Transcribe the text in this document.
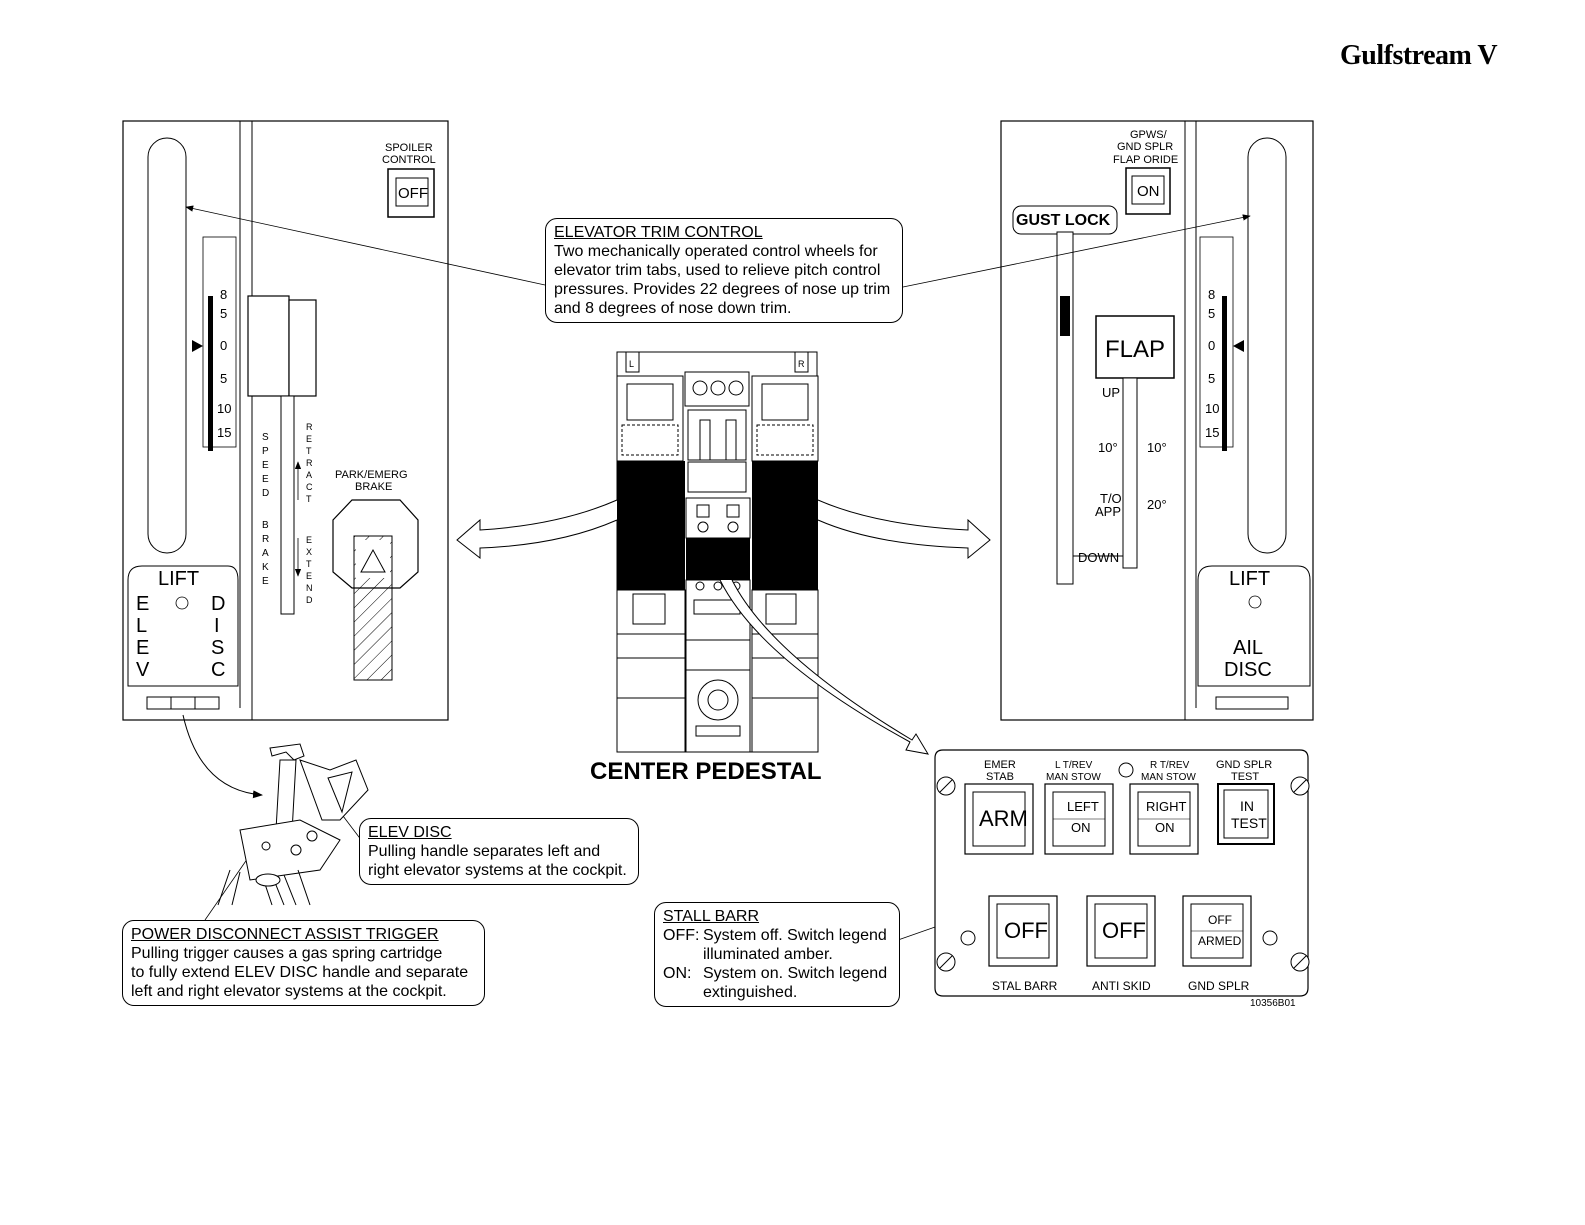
Gulfstream V
8
5
0
5
10
15
SPOILER
CONTROL
OFF
S
P
E
E
D
B
R
A
K
E
R
E
T
R
A
C
T
E
X
T
E
N
D
PARK/EMERG
BRAKE
LIFT
E
L
E
V
D
I
S
C
GPWS/
GND SPLR
FLAP ORIDE
ON
GUST LOCK
FLAP
UP
10° 10°
T/O
APP 20°
DOWN
8
5
0
5
10
15
LIFT
AIL
DISC
L	R
EMER
STAB
L T/REV
MAN STOW
R T/REV
MAN STOW
GND SPLR
TEST
ARM	LEFT
ON
RIGHT
ON
IN
TEST
OFF OFF	OFF
ARMED
STAL BARR	ANTI SKID	GND SPLR
ELEVATOR TRIM CONTROL
Two mechanically operated control wheels for
elevator trim tabs, used to relieve pitch control
pressures. Provides 22 degrees of nose up trim
and 8 degrees of nose down trim.
ELEV DISC
Pulling handle separates left and
right elevator systems at the cockpit.
POWER DISCONNECT ASSIST TRIGGER
Pulling trigger causes a gas spring cartridge
to fully extend ELEV DISC handle and separate
left and right elevator systems at the cockpit.
STALL BARR
OFF: System off. Switch legend
illuminated amber.
ON: System on. Switch legend
extinguished.
CENTER PEDESTAL
10356B01
